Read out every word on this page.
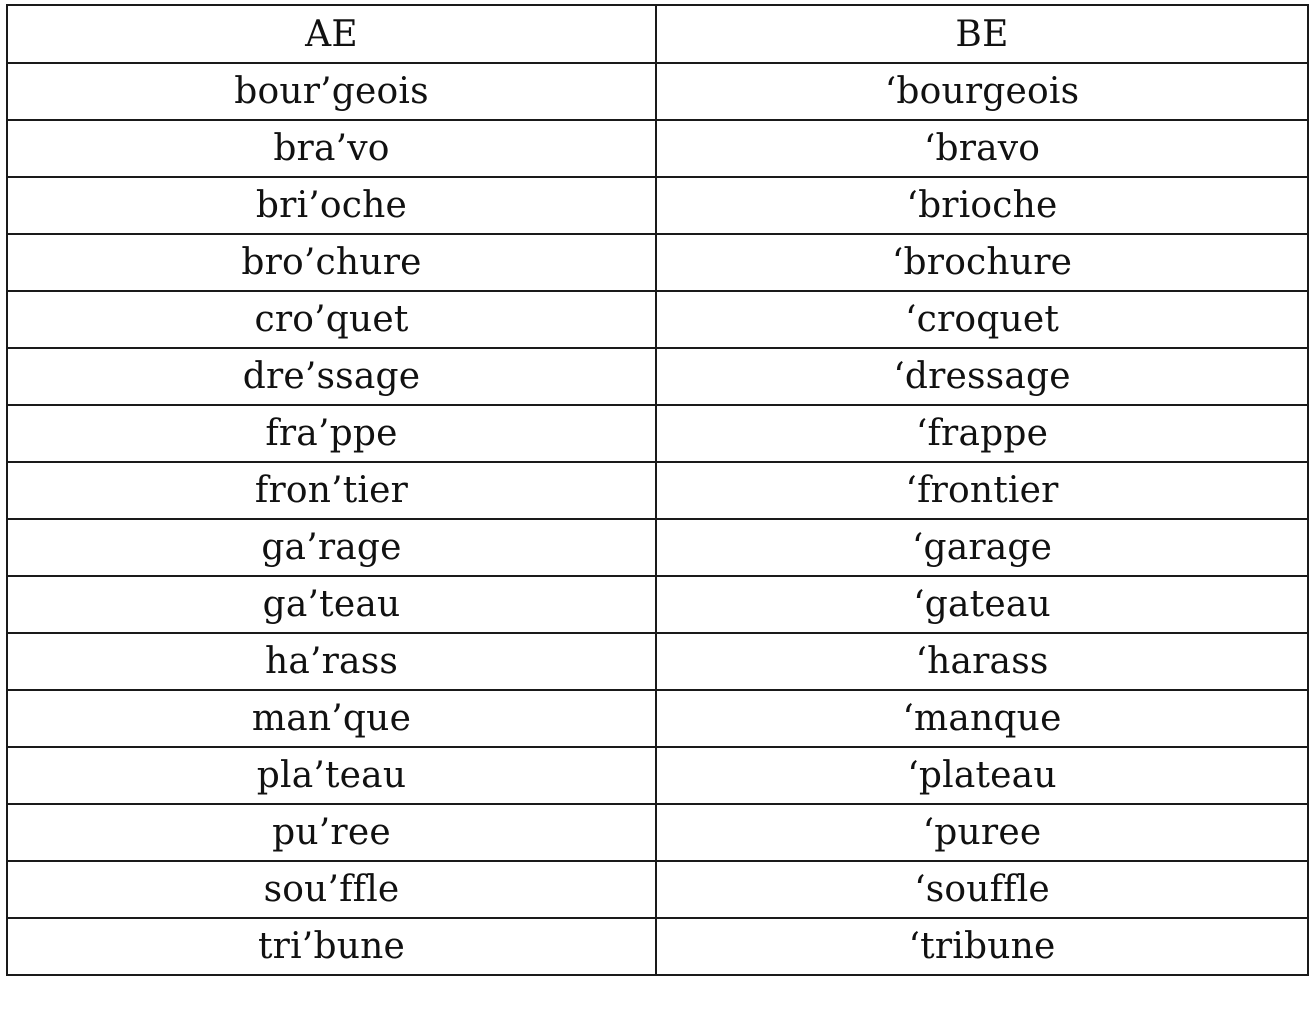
AE	BE
bour’geois	‘bourgeois
bra’vo	‘bravo
bri’oche	‘brioche
bro’chure	‘brochure
cro’quet	‘croquet
dre’ssage	‘dressage
fra’ppe	‘frappe
fron’tier	‘frontier
ga’rage	‘garage
ga’teau	‘gateau
ha’rass	‘harass
man’que	‘manque
pla’teau	‘plateau
pu’ree	‘puree
sou’ffle	‘souffle
tri’bune	‘tribune
